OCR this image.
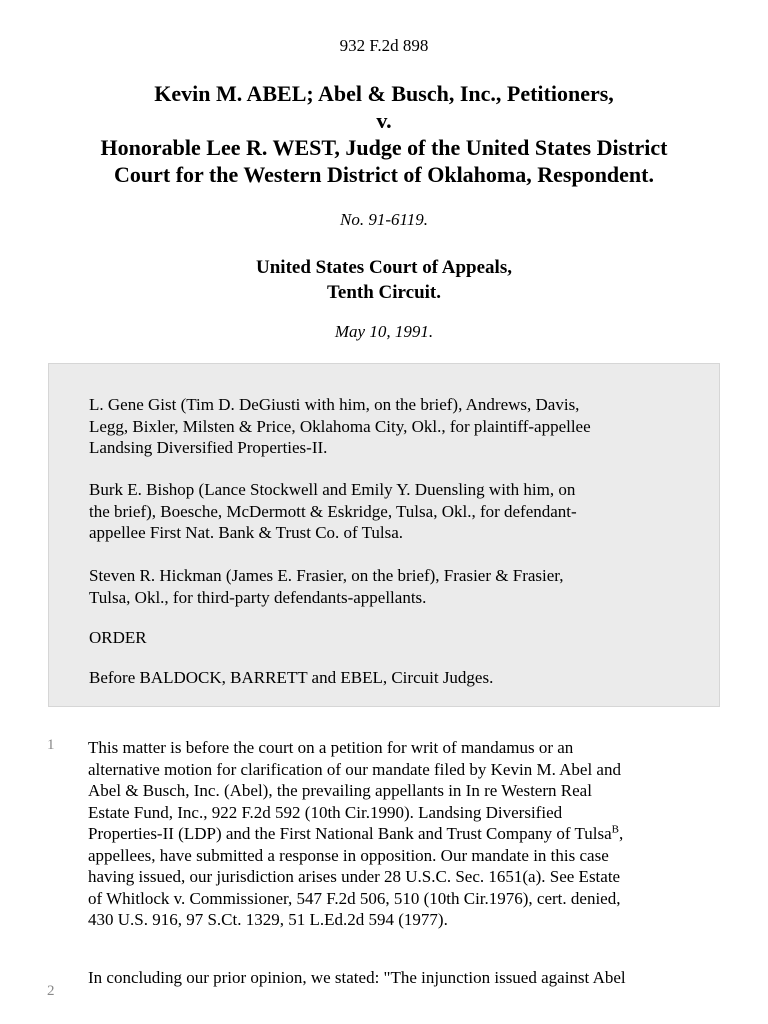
932 F.2d 898
Kevin M. ABEL; Abel & Busch, Inc., Petitioners,
v.
Honorable Lee R. WEST, Judge of the United States District
Court for the Western District of Oklahoma, Respondent.
No. 91-6119.
United States Court of Appeals,
Tenth Circuit.
May 10, 1991.

L. Gene Gist (Tim D. DeGiusti with him, on the brief), Andrews, Davis,
Legg, Bixler, Milsten & Price, Oklahoma City, Okl., for plaintiff-appellee
Landsing Diversified Properties-II.

Burk E. Bishop (Lance Stockwell and Emily Y. Duensling with him, on
the brief), Boesche, McDermott & Eskridge, Tulsa, Okl., for defendant-
appellee First Nat. Bank & Trust Co. of Tulsa.

Steven R. Hickman (James E. Frasier, on the brief), Frasier & Frasier,
Tulsa, Okl., for third-party defendants-appellants.

ORDER

Before BALDOCK, BARRETT and EBEL, Circuit Judges.

1 This matter is before the court on a petition for writ of mandamus or an
alternative motion for clarification of our mandate filed by Kevin M. Abel and
Abel & Busch, Inc. (Abel), the prevailing appellants in In re Western Real
Estate Fund, Inc., 922 F.2d 592 (10th Cir.1990). Landsing Diversified
Properties-II (LDP) and the First National Bank and Trust Company of Tulsa$^B$,
appellees, have submitted a response in opposition. Our mandate in this case
having issued, our jurisdiction arises under 28 U.S.C. Sec. 1651(a). See Estate
of Whitlock v. Commissioner, 547 F.2d 506, 510 (10th Cir.1976), cert. denied,
430 U.S. 916, 97 S.Ct. 1329, 51 L.Ed.2d 594 (1977).
2
In concluding our prior opinion, we stated: "The injunction issued against Abel
